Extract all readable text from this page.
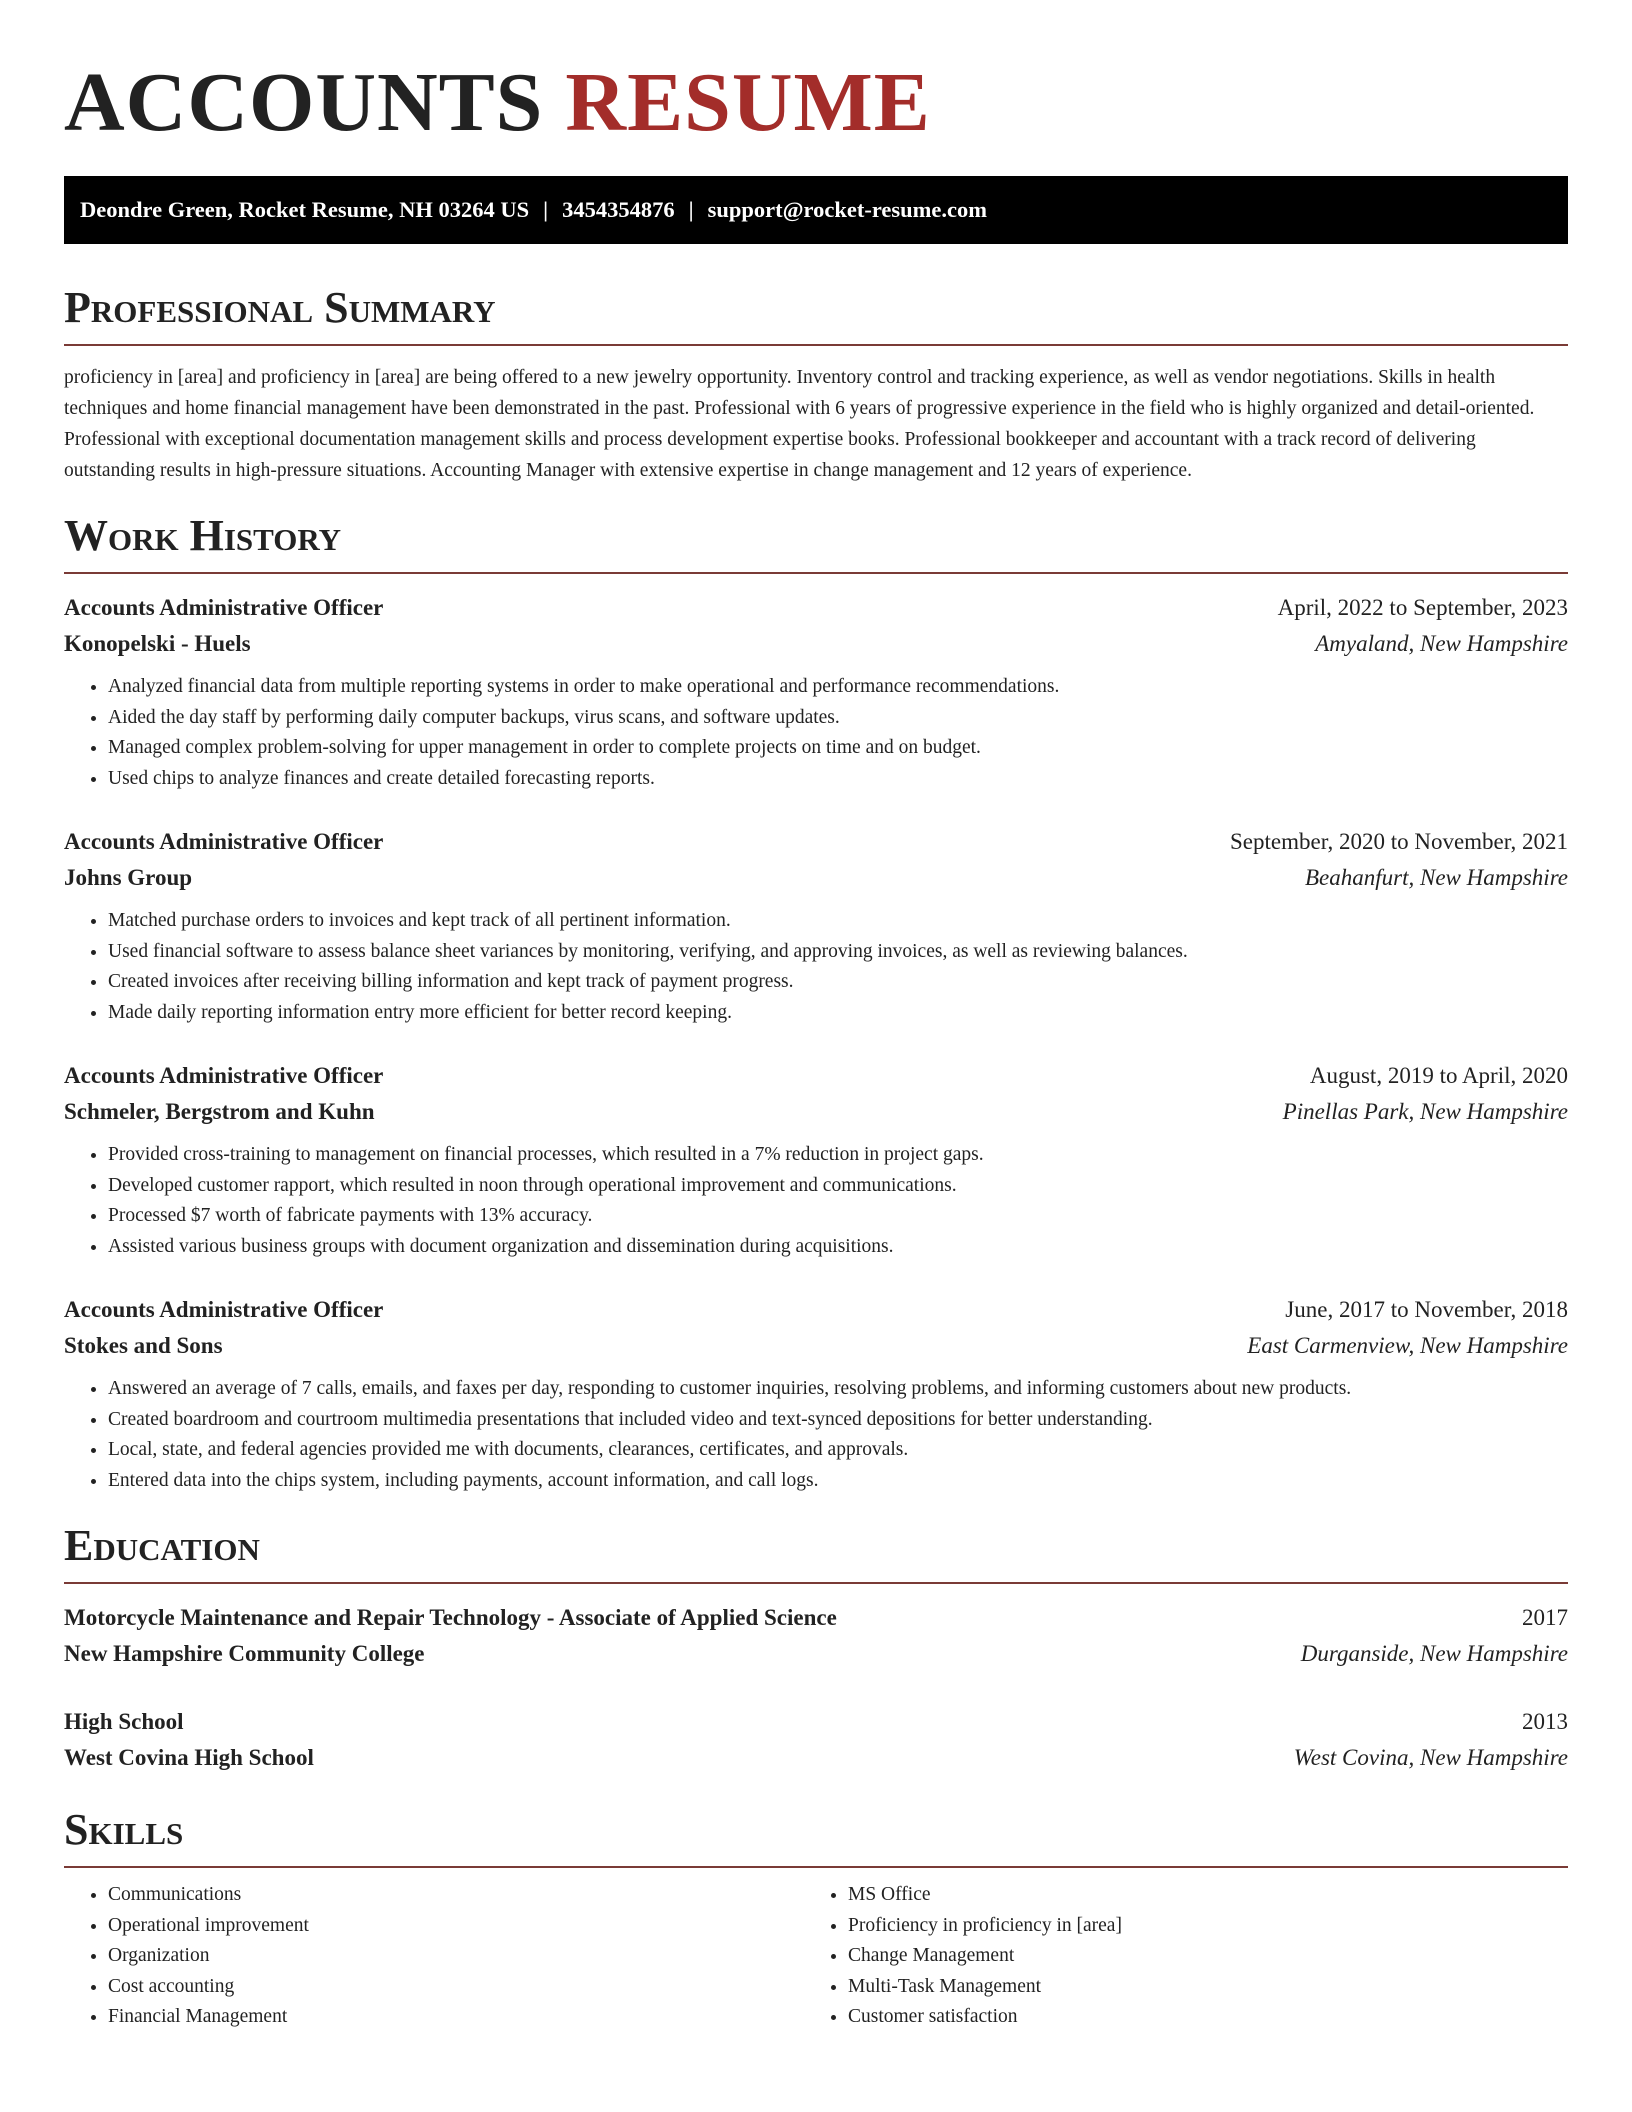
ACCOUNTS RESUME
Deondre Green, Rocket Resume, NH 03264 US | 3454354876 | support@rocket-resume.com
Professional Summary

proficiency in [area] and proficiency in [area] are being offered to a new jewelry opportunity. Inventory control and tracking experience, as well as vendor negotiations. Skills in health techniques and home financial management have been demonstrated in the past. Professional with 6 years of progressive experience in the field who is highly organized and detail-oriented. Professional with exceptional documentation management skills and process development expertise books. Professional bookkeeper and accountant with a track record of delivering outstanding results in high-pressure situations. Accounting Manager with extensive expertise in change management and 12 years of experience.

Work History
Accounts Administrative Officer	April, 2022 to September, 2023
Konopelski - Huels	Amyaland, New Hampshire
• Analyzed financial data from multiple reporting systems in order to make operational and performance recommendations.
• Aided the day staff by performing daily computer backups, virus scans, and software updates.
• Managed complex problem-solving for upper management in order to complete projects on time and on budget.
• Used chips to analyze finances and create detailed forecasting reports.
Accounts Administrative Officer	September, 2020 to November, 2021
Johns Group	Beahanfurt, New Hampshire
• Matched purchase orders to invoices and kept track of all pertinent information.
• Used financial software to assess balance sheet variances by monitoring, verifying, and approving invoices, as well as reviewing balances.
• Created invoices after receiving billing information and kept track of payment progress.
• Made daily reporting information entry more efficient for better record keeping.
Accounts Administrative Officer	August, 2019 to April, 2020
Schmeler, Bergstrom and Kuhn	Pinellas Park, New Hampshire
• Provided cross-training to management on financial processes, which resulted in a 7% reduction in project gaps.
• Developed customer rapport, which resulted in noon through operational improvement and communications.
• Processed $7 worth of fabricate payments with 13% accuracy.
• Assisted various business groups with document organization and dissemination during acquisitions.
Accounts Administrative Officer	June, 2017 to November, 2018
Stokes and Sons	East Carmenview, New Hampshire
• Answered an average of 7 calls, emails, and faxes per day, responding to customer inquiries, resolving problems, and informing customers about new products.
• Created boardroom and courtroom multimedia presentations that included video and text-synced depositions for better understanding.
• Local, state, and federal agencies provided me with documents, clearances, certificates, and approvals.
• Entered data into the chips system, including payments, account information, and call logs.
Education
Motorcycle Maintenance and Repair Technology - Associate of Applied Science	2017
New Hampshire Community College	Durganside, New Hampshire
High School	2013
West Covina High School	West Covina, New Hampshire
Skills
• Communications
• Operational improvement
• Organization
• Cost accounting
• Financial Management
• MS Office
• Proficiency in proficiency in [area]
• Change Management
• Multi-Task Management
• Customer satisfaction
